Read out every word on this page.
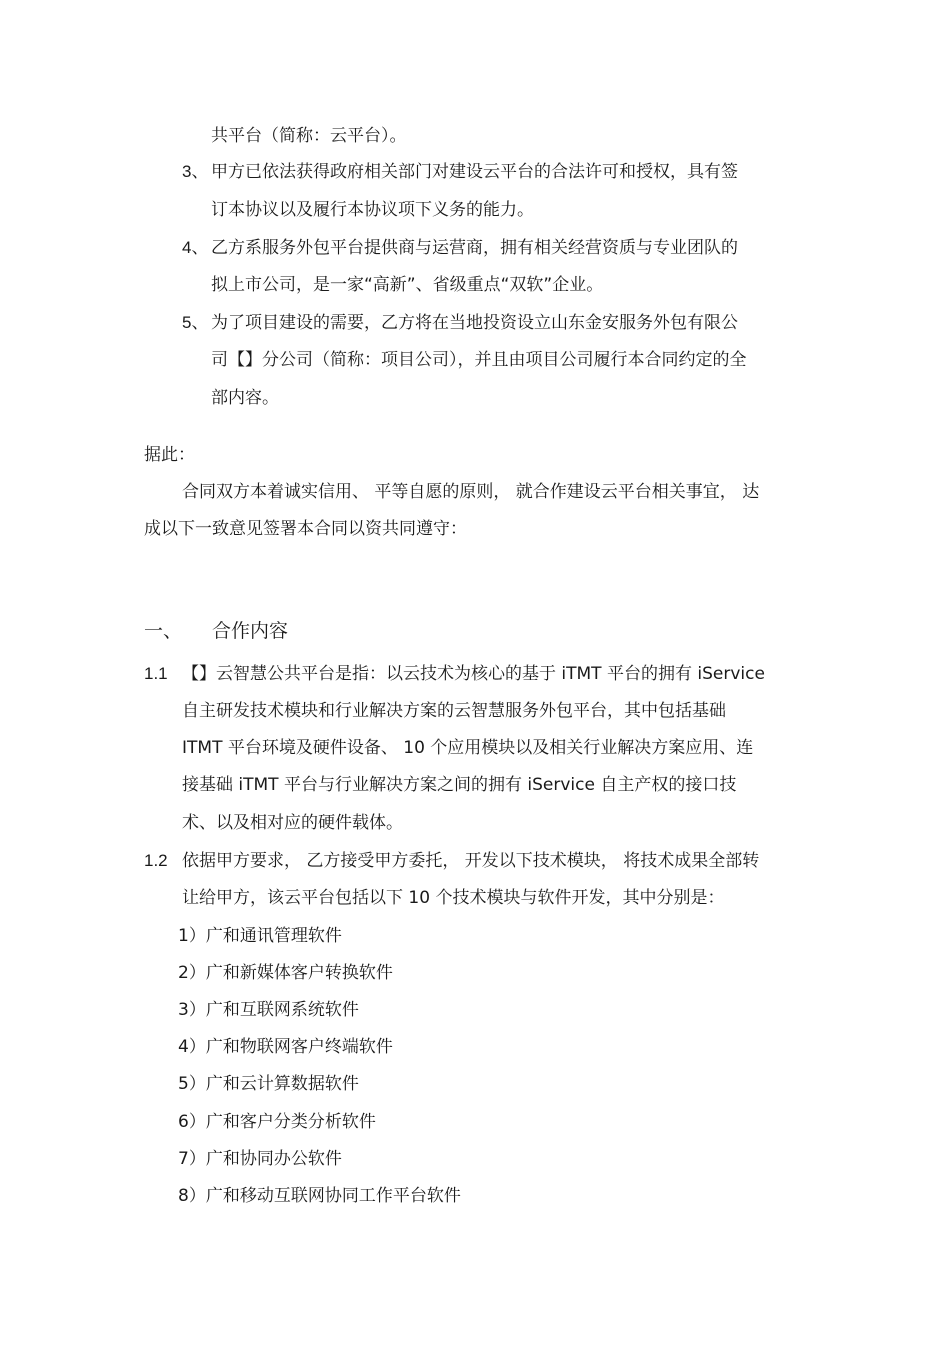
共平台（简称：云平台）。
3、 甲方已依法获得政府相关部门对建设云平台的合法许可和授权，具有签
订本协议以及履行本协议项下义务的能力。
4、 乙方系服务外包平台提供商与运营商，拥有相关经营资质与专业团队的
拟上市公司，是一家“高新”、省级重点“双软”企业。
5、 为了项目建设的需要，乙方将在当地投资设立山东金安服务外包有限公
司【】分公司（简称：项目公司），并且由项目公司履行本合同约定的全
部内容。
据此：
合同双方本着诚实信用、 平等自愿的原则， 就合作建设云平台相关事宜， 达
成以下一致意见签署本合同以资共同遵守：
一、 合作内容
1.1 【】云智慧公共平台是指：以云技术为核心的基于 iTMT 平台的拥有 iService
自主研发技术模块和行业解决方案的云智慧服务外包平台，其中包括基础
ITMT 平台环境及硬件设备、 10 个应用模块以及相关行业解决方案应用、连
接基础 iTMT 平台与行业解决方案之间的拥有 iService 自主产权的接口技
术、以及相对应的硬件载体。
1.2 依据甲方要求， 乙方接受甲方委托， 开发以下技术模块， 将技术成果全部转
让给甲方，该云平台包括以下 10 个技术模块与软件开发，其中分别是：
1）广和通讯管理软件
2）广和新媒体客户转换软件
3）广和互联网系统软件
4）广和物联网客户终端软件
5）广和云计算数据软件
6）广和客户分类分析软件
7）广和协同办公软件
8）广和移动互联网协同工作平台软件
